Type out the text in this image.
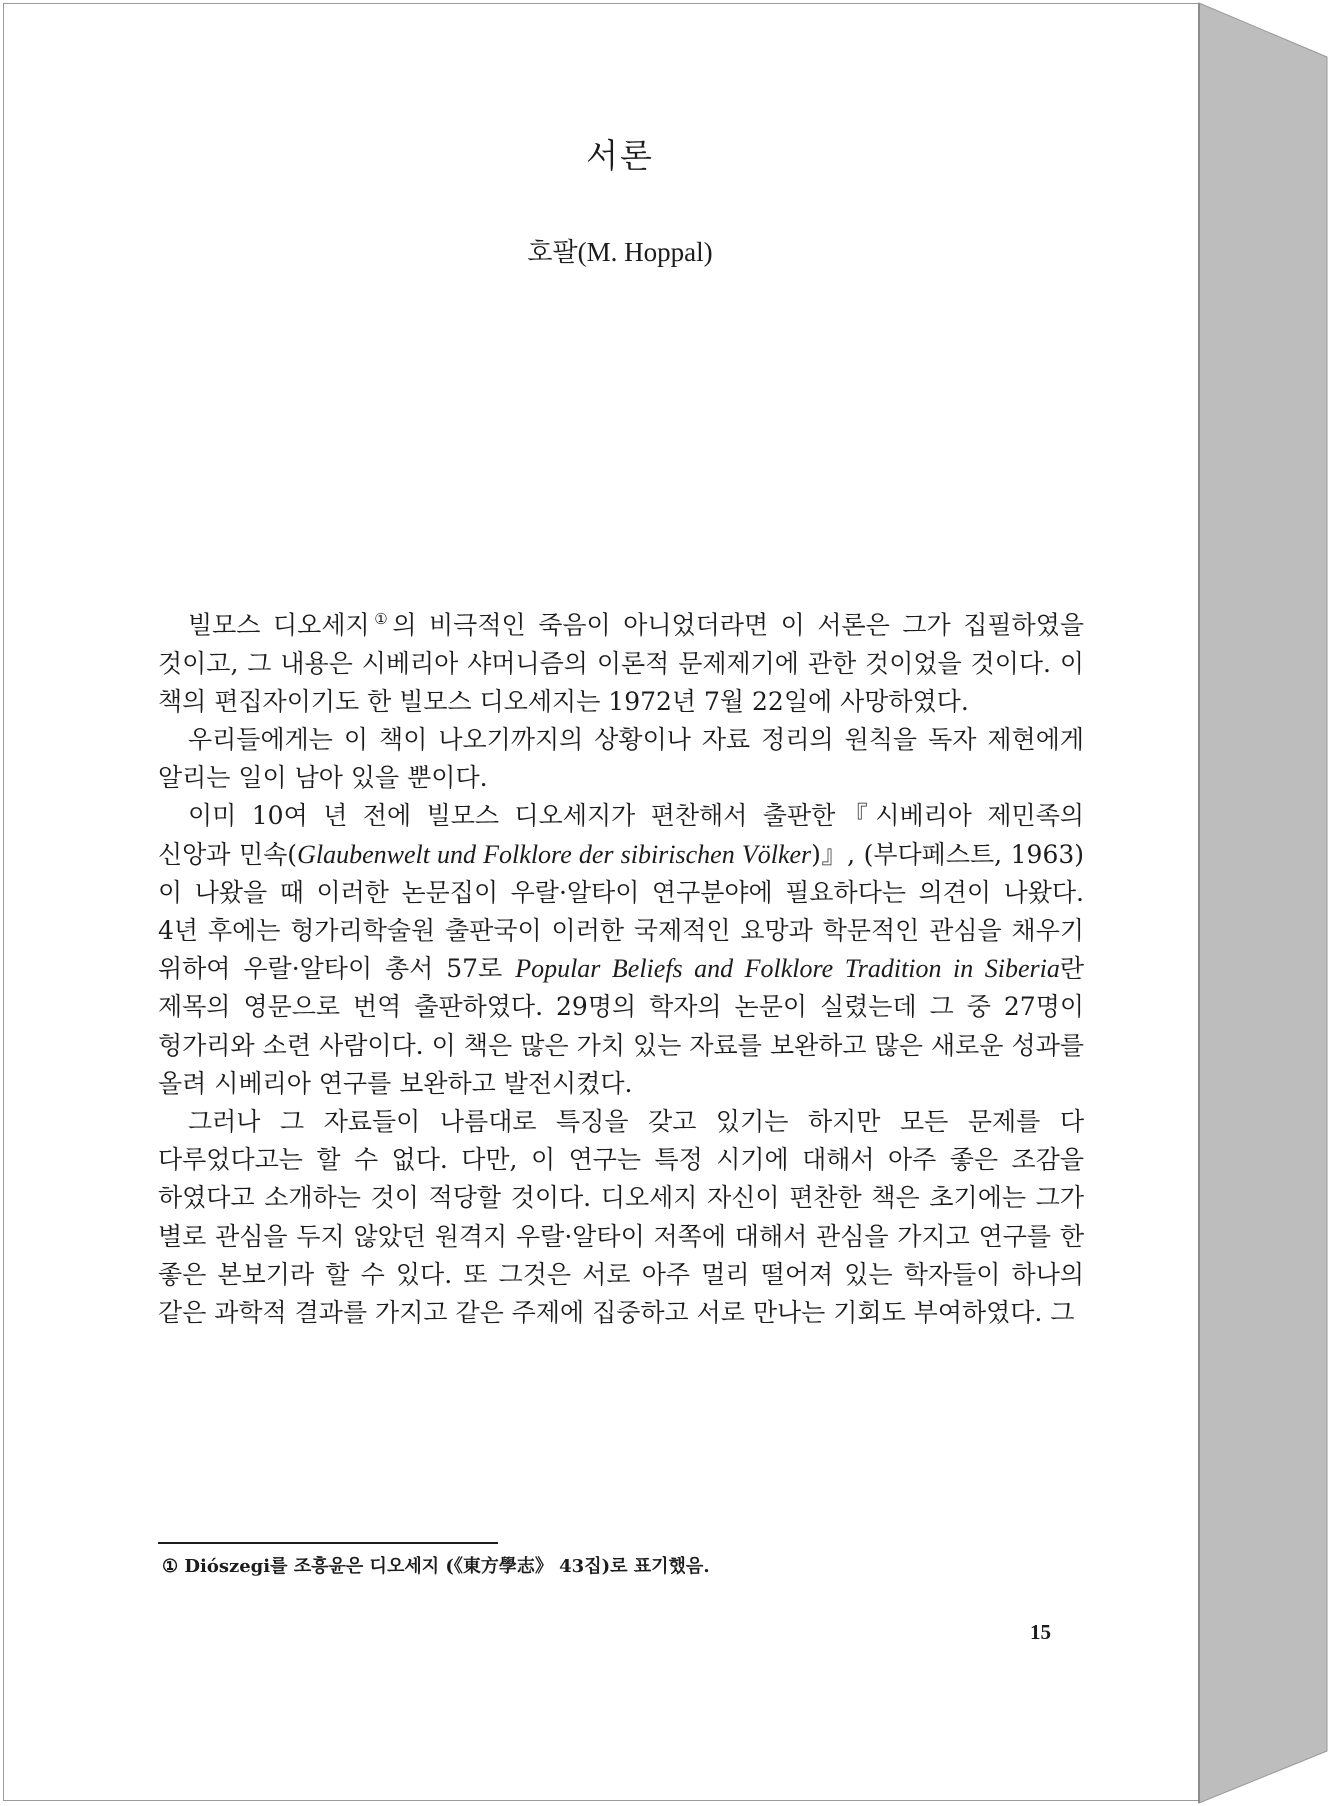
서론
호팔(M. Hoppal)

빌모스 디오세지①의 비극적인 죽음이 아니었더라면 이 서론은 그가 집필하였을 것이고, 그 내용은 시베리아 샤머니즘의 이론적 문제제기에 관한 것이었을 것이다. 이 책의 편집자이기도 한 빌모스 디오세지는 1972년 7월 22일에 사망하였다.

우리들에게는 이 책이 나오기까지의 상황이나 자료 정리의 원칙을 독자 제현에게 알리는 일이 남아 있을 뿐이다.

이미 10여 년 전에 빌모스 디오세지가 편찬해서 출판한『시베리아 제민족의 신앙과 민속(Glaubenwelt und Folklore der sibirischen Völker)』, (부다페스트, 1963)이 나왔을 때 이러한 논문집이 우랄·알타이 연구분야에 필요하다는 의견이 나왔다. 4년 후에는 헝가리학술원 출판국이 이러한 국제적인 요망과 학문적인 관심을 채우기 위하여 우랄·알타이 총서 57로 Popular Beliefs and Folklore Tradition in Siberia란 제목의 영문으로 번역 출판하였다. 29명의 학자의 논문이 실렸는데 그 중 27명이 헝가리와 소련 사람이다. 이 책은 많은 가치 있는 자료를 보완하고 많은 새로운 성과를 올려 시베리아 연구를 보완하고 발전시켰다.

그러나 그 자료들이 나름대로 특징을 갖고 있기는 하지만 모든 문제를 다 다루었다고는 할 수 없다. 다만, 이 연구는 특정 시기에 대해서 아주 좋은 조감을 하였다고 소개하는 것이 적당할 것이다. 디오세지 자신이 편찬한 책은 초기에는 그가 별로 관심을 두지 않았던 원격지 우랄·알타이 저쪽에 대해서 관심을 가지고 연구를 한 좋은 본보기라 할 수 있다. 또 그것은 서로 아주 멀리 떨어져 있는 학자들이 하나의 같은 과학적 결과를 가지고 같은 주제에 집중하고 서로 만나는 기회도 부여하였다. 그

① Diószegi를 조흥윤은 디오세지 (《東方學志》 43집)로 표기했음.
15
